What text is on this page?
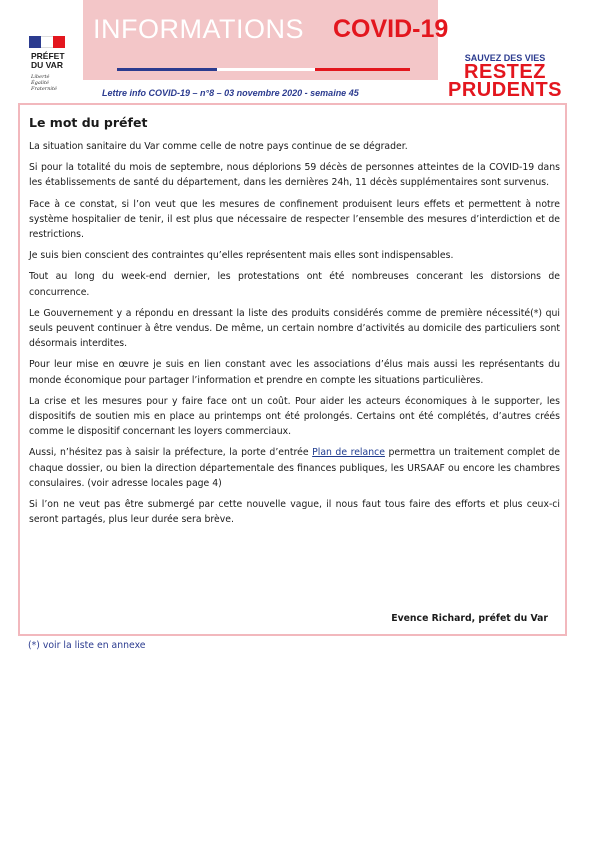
INFORMATIONS COVID-19
PRÉFET
DU VAR
Liberté
Égalité
Fraternité
SAUVEZ DES VIES
RESTEZ
PRUDENTS
Lettre info COVID-19 – n°8 – 03 novembre 2020 - semaine 45
Le mot du préfet

La situation sanitaire du Var comme celle de notre pays continue de se dégrader.

Si pour la totalité du mois de septembre, nous déplorions 59 décès de personnes atteintes de la COVID-19 dans les établissements de santé du département, dans les dernières 24h, 11 décès supplémentaires sont survenus.

Face à ce constat, si l’on veut que les mesures de confinement produisent leurs effets et permettent à notre système hospitalier de tenir, il est plus que nécessaire de respecter l’ensemble des mesures d’interdiction et de restrictions.

Je suis bien conscient des contraintes qu’elles représentent mais elles sont indispensables.

Tout au long du week-end dernier, les protestations ont été nombreuses concerant les distorsions de concurrence.

Le Gouvernement y a répondu en dressant la liste des produits considérés comme de première nécessité(*) qui seuls peuvent continuer à être vendus. De même, un certain nombre d’activités au domicile des particuliers sont désormais interdites.

Pour leur mise en œuvre je suis en lien constant avec les associations d’élus mais aussi les représentants du monde économique pour partager l’information et prendre en compte les situations particulières.

La crise et les mesures pour y faire face ont un coût. Pour aider les acteurs économiques à le supporter, les dispositifs de soutien mis en place au printemps ont été prolongés. Certains ont été complétés, d’autres créés comme le dispositif concernant les loyers commerciaux.

Aussi, n’hésitez pas à saisir la préfecture, la porte d’entrée Plan de relance permettra un traitement complet de chaque dossier, ou bien la direction départementale des finances publiques, les URSAAF ou encore les chambres consulaires. (voir adresse locales page 4)

Si l’on ne veut pas être submergé par cette nouvelle vague, il nous faut tous faire des efforts et plus ceux-ci seront partagés, plus leur durée sera brève.

Evence Richard, préfet du Var
(*) voir la liste en annexe
